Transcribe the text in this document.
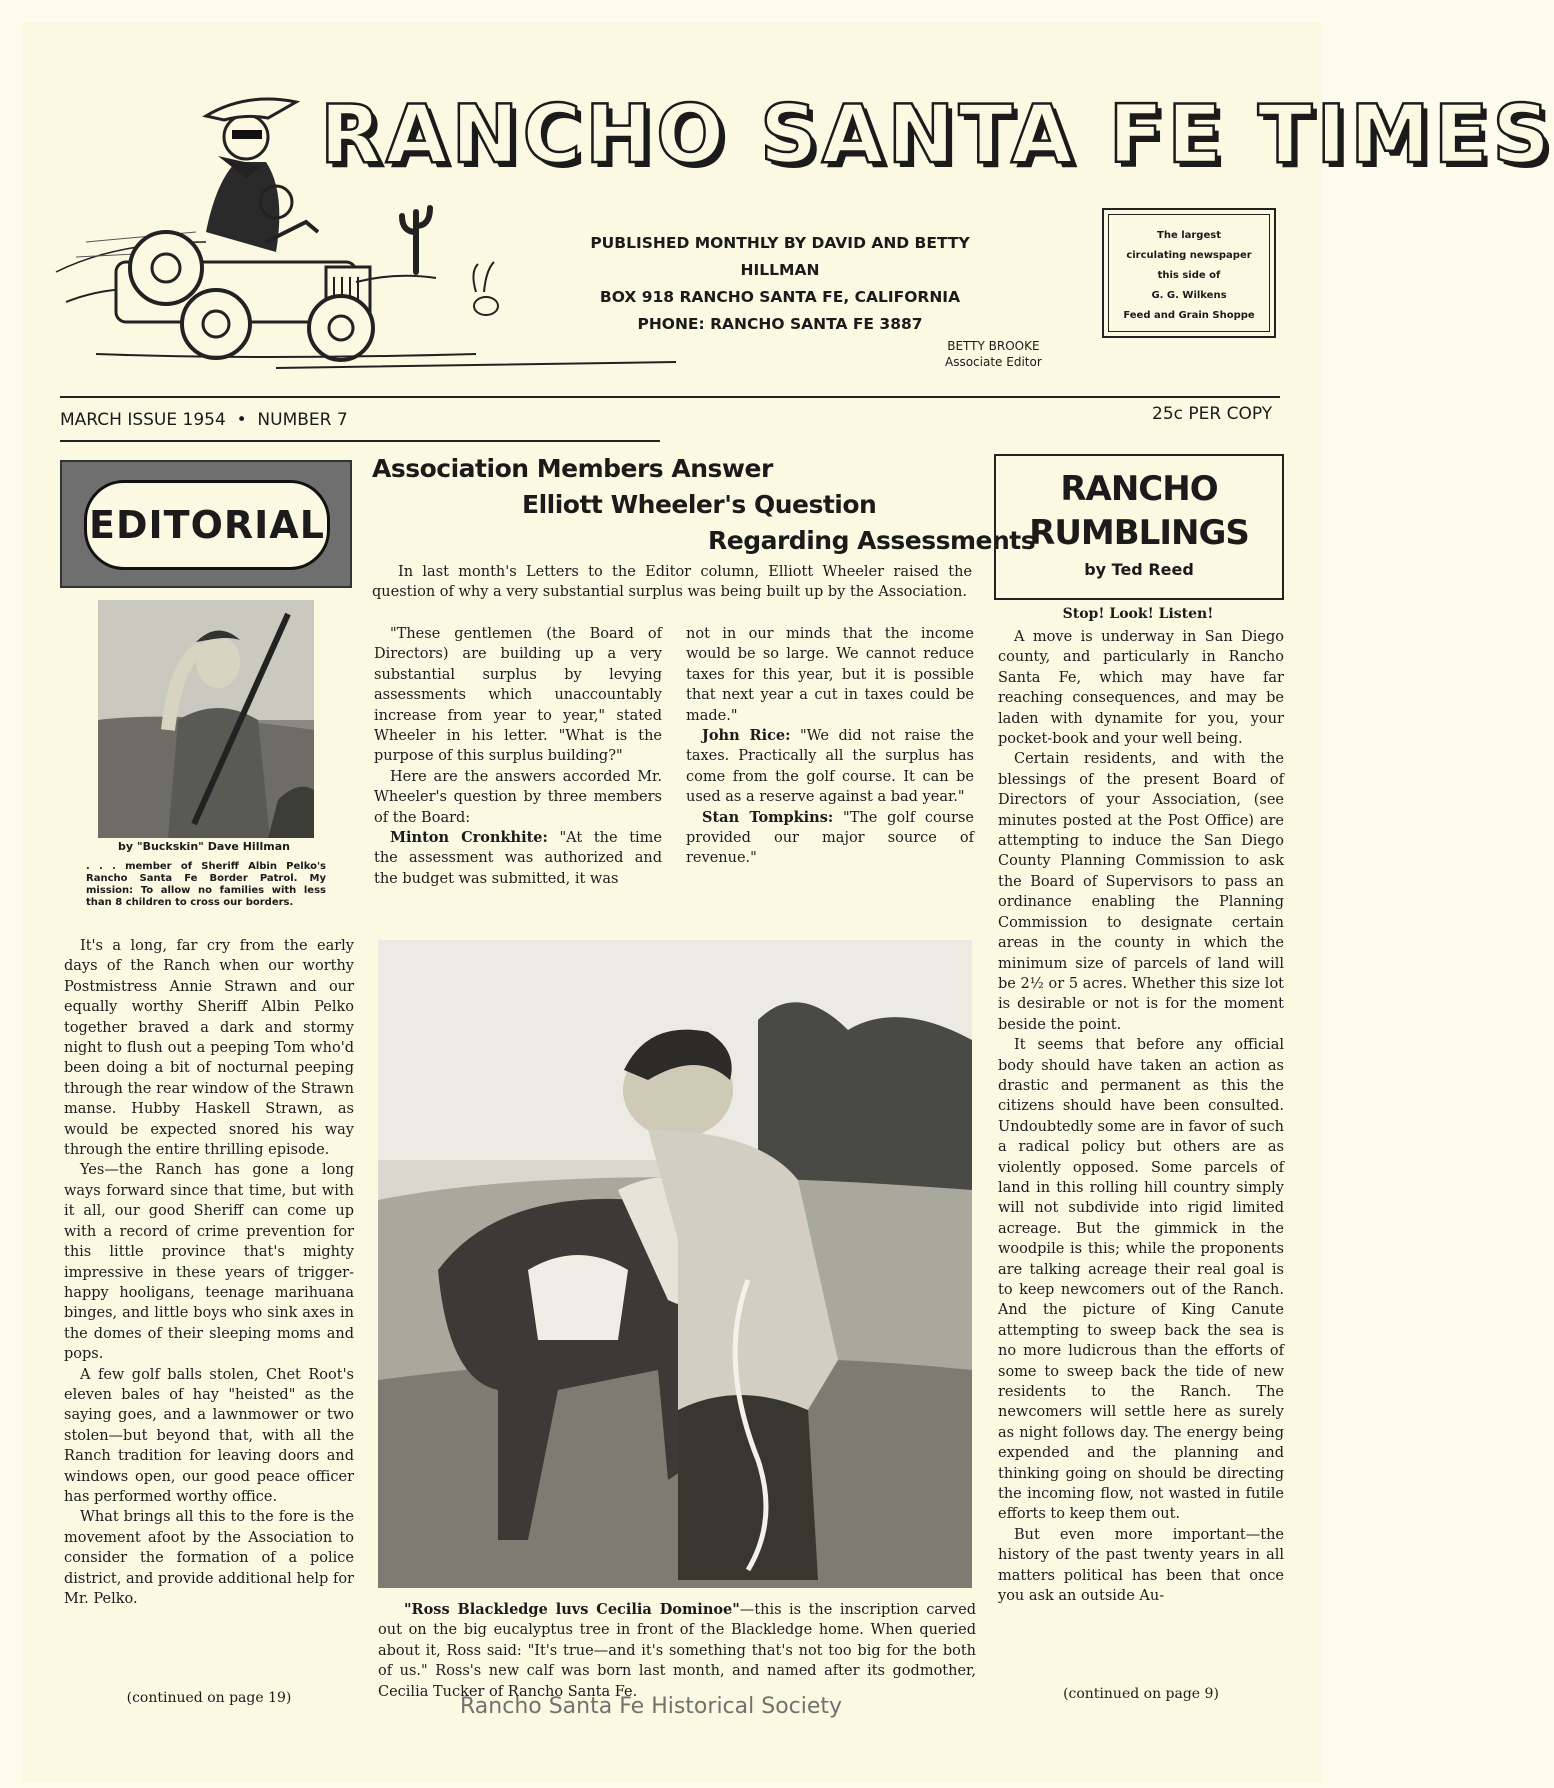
RANCHO SANTA FE TIMES
PUBLISHED MONTHLY BY DAVID AND BETTY HILLMAN
BOX 918 RANCHO SANTA FE, CALIFORNIA
PHONE: RANCHO SANTA FE 3887
The largest
circulating newspaper
this side of
G. G. Wilkens
Feed and Grain Shoppe
BETTY BROOKE
Associate Editor
MARCH ISSUE 1954  •  NUMBER 7	25c PER COPY
EDITORIAL
by "Buckskin" Dave Hillman
. . . member of Sheriff Albin Pelko's Rancho Santa Fe Border Patrol. My mission: To allow no families with less than 8 children to cross our borders.

It's a long, far cry from the early days of the Ranch when our worthy Postmistress Annie Strawn and our equally worthy Sheriff Albin Pelko together braved a dark and stormy night to flush out a peeping Tom who'd been doing a bit of nocturnal peeping through the rear window of the Strawn manse. Hubby Haskell Strawn, as would be expected snored his way through the entire thrilling episode.

Yes—the Ranch has gone a long ways forward since that time, but with it all, our good Sheriff can come up with a record of crime prevention for this little province that's mighty impressive in these years of trigger-happy hooligans, teenage marihuana binges, and little boys who sink axes in the domes of their sleeping moms and pops.

A few golf balls stolen, Chet Root's eleven bales of hay "heisted" as the saying goes, and a lawnmower or two stolen—but beyond that, with all the Ranch tradition for leaving doors and windows open, our good peace officer has performed worthy office.

What brings all this to the fore is the movement afoot by the Association to consider the formation of a police district, and provide additional help for Mr. Pelko.

(continued on page 19)
Association Members Answer
Elliott Wheeler's Question
Regarding Assessments
In last month's Letters to the Editor column, Elliott Wheeler raised the question of why a very substantial surplus was being built up by the Association.

"These gentlemen (the Board of Directors) are building up a very substantial surplus by levying assessments which unaccountably increase from year to year," stated Wheeler in his letter. "What is the purpose of this surplus building?"

Here are the answers accorded Mr. Wheeler's question by three members of the Board:

Minton Cronkhite: "At the time the assessment was authorized and the budget was submitted, it was

not in our minds that the income would be so large. We cannot reduce taxes for this year, but it is possible that next year a cut in taxes could be made."

John Rice: "We did not raise the taxes. Practically all the surplus has come from the golf course. It can be used as a reserve against a bad year."

Stan Tompkins: "The golf course provided our major source of revenue."

"Ross Blackledge luvs Cecilia Dominoe"—this is the inscription carved out on the big eucalyptus tree in front of the Blackledge home. When queried about it, Ross said: "It's true—and it's something that's not too big for the both of us." Ross's new calf was born last month, and named after its godmother, Cecilia Tucker of Rancho Santa Fe.
RANCHO
RUMBLINGS
by Ted Reed
Stop! Look! Listen!

A move is underway in San Diego county, and particularly in Rancho Santa Fe, which may have far reaching consequences, and may be laden with dynamite for you, your pocket-book and your well being.

Certain residents, and with the blessings of the present Board of Directors of your Association, (see minutes posted at the Post Office) are attempting to induce the San Diego County Planning Commission to ask the Board of Supervisors to pass an ordinance enabling the Planning Commission to designate certain areas in the county in which the minimum size of parcels of land will be 2½ or 5 acres. Whether this size lot is desirable or not is for the moment beside the point.

It seems that before any official body should have taken an action as drastic and permanent as this the citizens should have been consulted. Undoubtedly some are in favor of such a radical policy but others are as violently opposed. Some parcels of land in this rolling hill country simply will not subdivide into rigid limited acreage. But the gimmick in the woodpile is this; while the proponents are talking acreage their real goal is to keep newcomers out of the Ranch. And the picture of King Canute attempting to sweep back the sea is no more ludicrous than the efforts of some to sweep back the tide of new residents to the Ranch. The newcomers will settle here as surely as night follows day. The energy being expended and the planning and thinking going on should be directing the incoming flow, not wasted in futile efforts to keep them out.

But even more important—the history of the past twenty years in all matters political has been that once you ask an outside Au-

(continued on page 9)
Rancho Santa Fe Historical Society
